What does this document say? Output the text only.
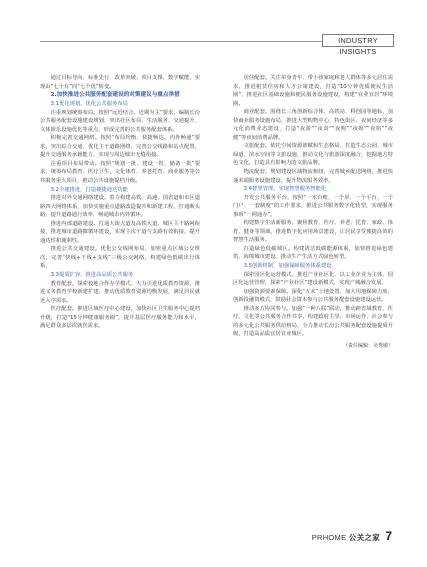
INDUSTRY INSIGHTS
通过目标导向、标准先行、改革突破、项目支撑、数字赋能，实现由“七个有”向“七个优”转变。
2.加快推进公共服务配套建设的对策建议与重点举措
3.1优化规划，优化公共服务布局
注重规划统筹布局。按照“远近结合、近期为主”要求，编制长汾公共服务配套设施建设规划，突出社区布局、生活服务、交通提升、文体娱乐设施优化等重点，形成完善的公共服务配套体系。
积极完善交通网络。按照“布局均衡、快捷畅达、内外畅通”要求，突出综合交通、优化主干道路网络，完善公交线路和站点配置，提升交通服务承载能力，实现与周边城市无缝衔接。
注重项目布局带动。按照“规划一批、建设一批、储备一批”要求，统筹布局教育、医疗卫生、文化体育、养老托育、商业服务等公共服务重大项目，推动公共设施提档升级。
3.2全速推进，打造便捷通达功能
推进对外交通网络建设。着力构建高铁、高速、国省道和市区道路四大网络体系，加快实施重点道路改造提升和新建工程，打通断头路，提升道路通行效率，畅通城市内外循环。
推进内部道路建设。打通大街大道及高铁大道、城区主干路网衔接，推进城市道路微循环建设，实现主次干道与支路有效衔接，提升通达性和便利性。
推进公共交通建设。优化公交线网布局，加密重点区域公交班次，完善“快线+干线+支线”三级公交网络，构建绿色低碳出行体系。
3.3提质扩容，推进高品质公共服务
教育配套。探索校地合作办学模式，大力引进优质教育资源，推进义务教育学校新建扩建，推动优质教育资源均衡发展，满足居民就近入学需求。
医疗配套。推进区域医疗中心建设，加快社区卫生服务中心提档升级，打造“15分钟健康服务圈”，提升基层医疗服务能力和水平，满足群众多层次就医需求。
居住配套。关注单身青年、带小孩家庭和老人群体等多元居住需求，推进租赁住房和人才公寓建设，打造“10分钟优质便民生活圈”，推进社区基础设施和便民服务设施建设，构建“宜业宜居”环境圈。
商业配套。围绕长三角创新综合体、高铁站、科创园等地标，加快商业服务设施布局，推进大型购物中心、特色街区、夜间经济等多元化消费业态建设，打造“夜游”“夜食”“夜购”“夜娱”“夜宿”“夜健”等夜间消费品牌。
文旅配套。依托空间资源禀赋和生态格局，打造生态公园、城市绿道、滨水空间等文旅设施，推动文化与旅游深度融合，挖掘地方特色文化，打造具有影响力的文旅品牌。
物流配套。规划建设区域物流枢纽，完善城乡配送网络，推进快递末端服务设施建设，提升物流服务效率。
3.4智慧管理，实现智慧服务智能化
开发公共服务平台。按照“一本台账、一个屏、一个平台、一个门户、一套制度”的工作要求，推进公共服务数字化转型，实现服务事项“一网通办”。
构建数字生活新服务。聚焦教育、医疗、养老、托育、家政、体育、健身等领域，推进数字化应用场景建设，让居民享受便捷高效的智慧生活服务。
打造绿色低碳城区。构建清洁低碳能源体系，加快推进绿色建筑、海绵城市建设，推动生产生活方式绿色转型。
3.5创新机制，加强保障服务体系建设
探索园区化运营模式。推进产业社区化、以工业企业为主体、园区化运营管理，探索“产业社区”建设新模式，实现产城融合发展。
加强资源要素保障。深化“五未”土地处置，加大用地保障力度，创新投融资模式，鼓励社会资本参与公共服务配套设施建设运营。
推动多方协同参与。加强“一种八联”联动，推动跨省域教育、医疗、文化等公共服务合作共享，构建政府主导、市场运作、社会参与的多元化公共服务供给格局，全力推动长汾公共服务配套设施提质升级，打造高品质宜居宜业城区。
（责任编辑：吴秀敏）
PRHOME 公关之家 7
